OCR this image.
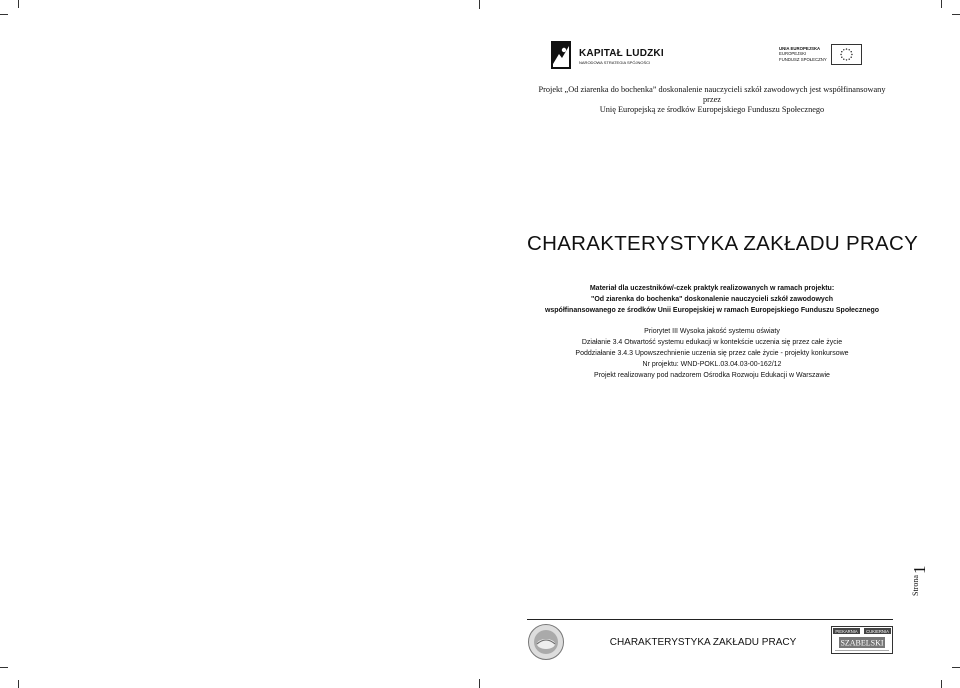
KAPITAŁ LUDZKI
NARODOWA STRATEGIA SPÓJNOŚCI
UNIA EUROPEJSKA
EUROPEJSKI
FUNDUSZ SPOŁECZNY
Projekt „Od ziarenka do bochenka” doskonalenie nauczycieli szkół zawodowych jest współfinansowany przez
Unię Europejską ze środków Europejskiego Funduszu Społecznego
CHARAKTERYSTYKA ZAKŁADU PRACY
Materiał dla uczestników/-czek praktyk realizowanych w ramach projektu:
"Od ziarenka do bochenka" doskonalenie nauczycieli szkół zawodowych
współfinansowanego ze środków Unii Europejskiej w ramach Europejskiego Funduszu Społecznego
Priorytet III Wysoka jakość systemu oświaty
Działanie 3.4 Otwartość systemu edukacji w kontekście uczenia się przez całe życie
Poddziałanie 3.4.3 Upowszechnienie uczenia się przez całe życie - projekty konkursowe
Nr projektu: WND-POKL.03.04.03-00-162/12
Projekt realizowany pod nadzorem Ośrodka Rozwoju Edukacji w Warszawie
Strona
1
CHARAKTERYSTYKA ZAKŁADU PRACY
PIEKARNIA CUKIERNIA
SZABELSKI
